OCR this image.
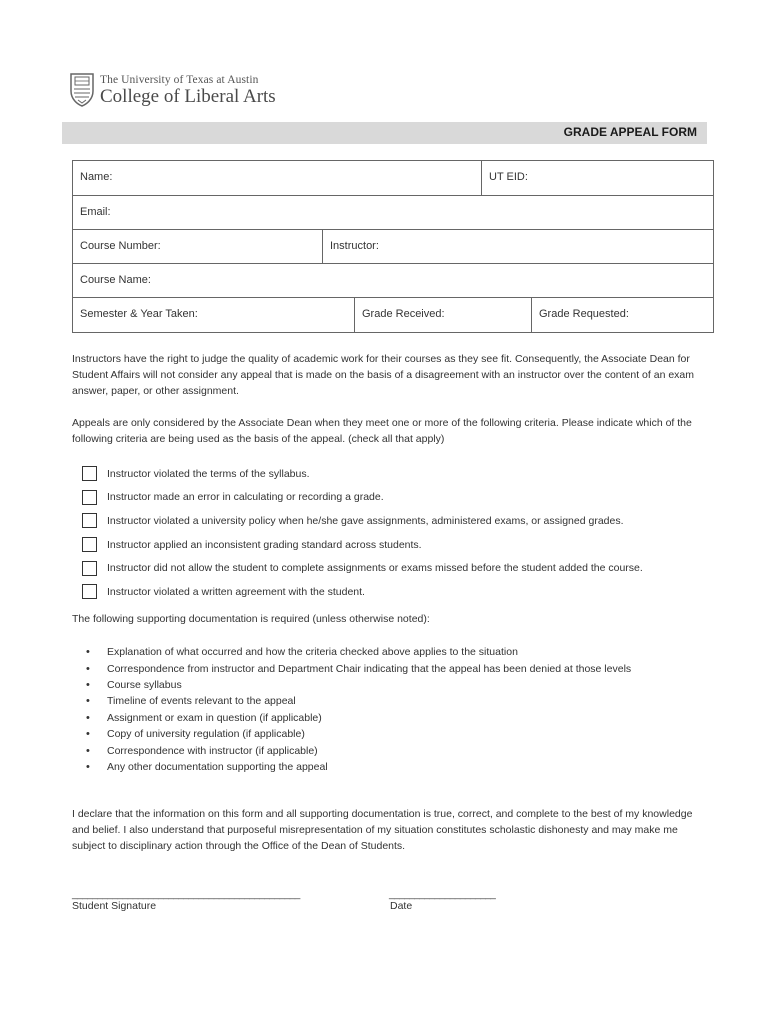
The University of Texas at Austin
College of Liberal Arts
GRADE APPEAL FORM
Name:	UT EID:
Email:
Course Number:	Instructor:
Course Name:
Semester & Year Taken:	Grade Received:	Grade Requested:

Instructors have the right to judge the quality of academic work for their courses as they see fit. Consequently, the Associate Dean for Student Affairs will not consider any appeal that is made on the basis of a disagreement with an instructor over the content of an exam answer, paper, or other assignment.

Appeals are only considered by the Associate Dean when they meet one or more of the following criteria. Please indicate which of the following criteria are being used as the basis of the appeal. (check all that apply)

Instructor violated the terms of the syllabus.
Instructor made an error in calculating or recording a grade.
Instructor violated a university policy when he/she gave assignments, administered exams, or assigned grades.
Instructor applied an inconsistent grading standard across students.
Instructor did not allow the student to complete assignments or exams missed before the student added the course.
Instructor violated a written agreement with the student.

The following supporting documentation is required (unless otherwise noted):

•	Explanation of what occurred and how the criteria checked above applies to the situation
•	Correspondence from instructor and Department Chair indicating that the appeal has been denied at those levels
•	Course syllabus
•	Timeline of events relevant to the appeal
•	Assignment or exam in question (if applicable)
•	Copy of university regulation (if applicable)
•	Correspondence with instructor (if applicable)
•	Any other documentation supporting the appeal

I declare that the information on this form and all supporting documentation is true, correct, and complete to the best of my knowledge and belief. I also understand that purposeful misrepresentation of my situation constitutes scholastic dishonesty and may make me subject to disciplinary action through the Office of the Dean of Students.

_____________________________________________
Student Signature
_____________________
Date
